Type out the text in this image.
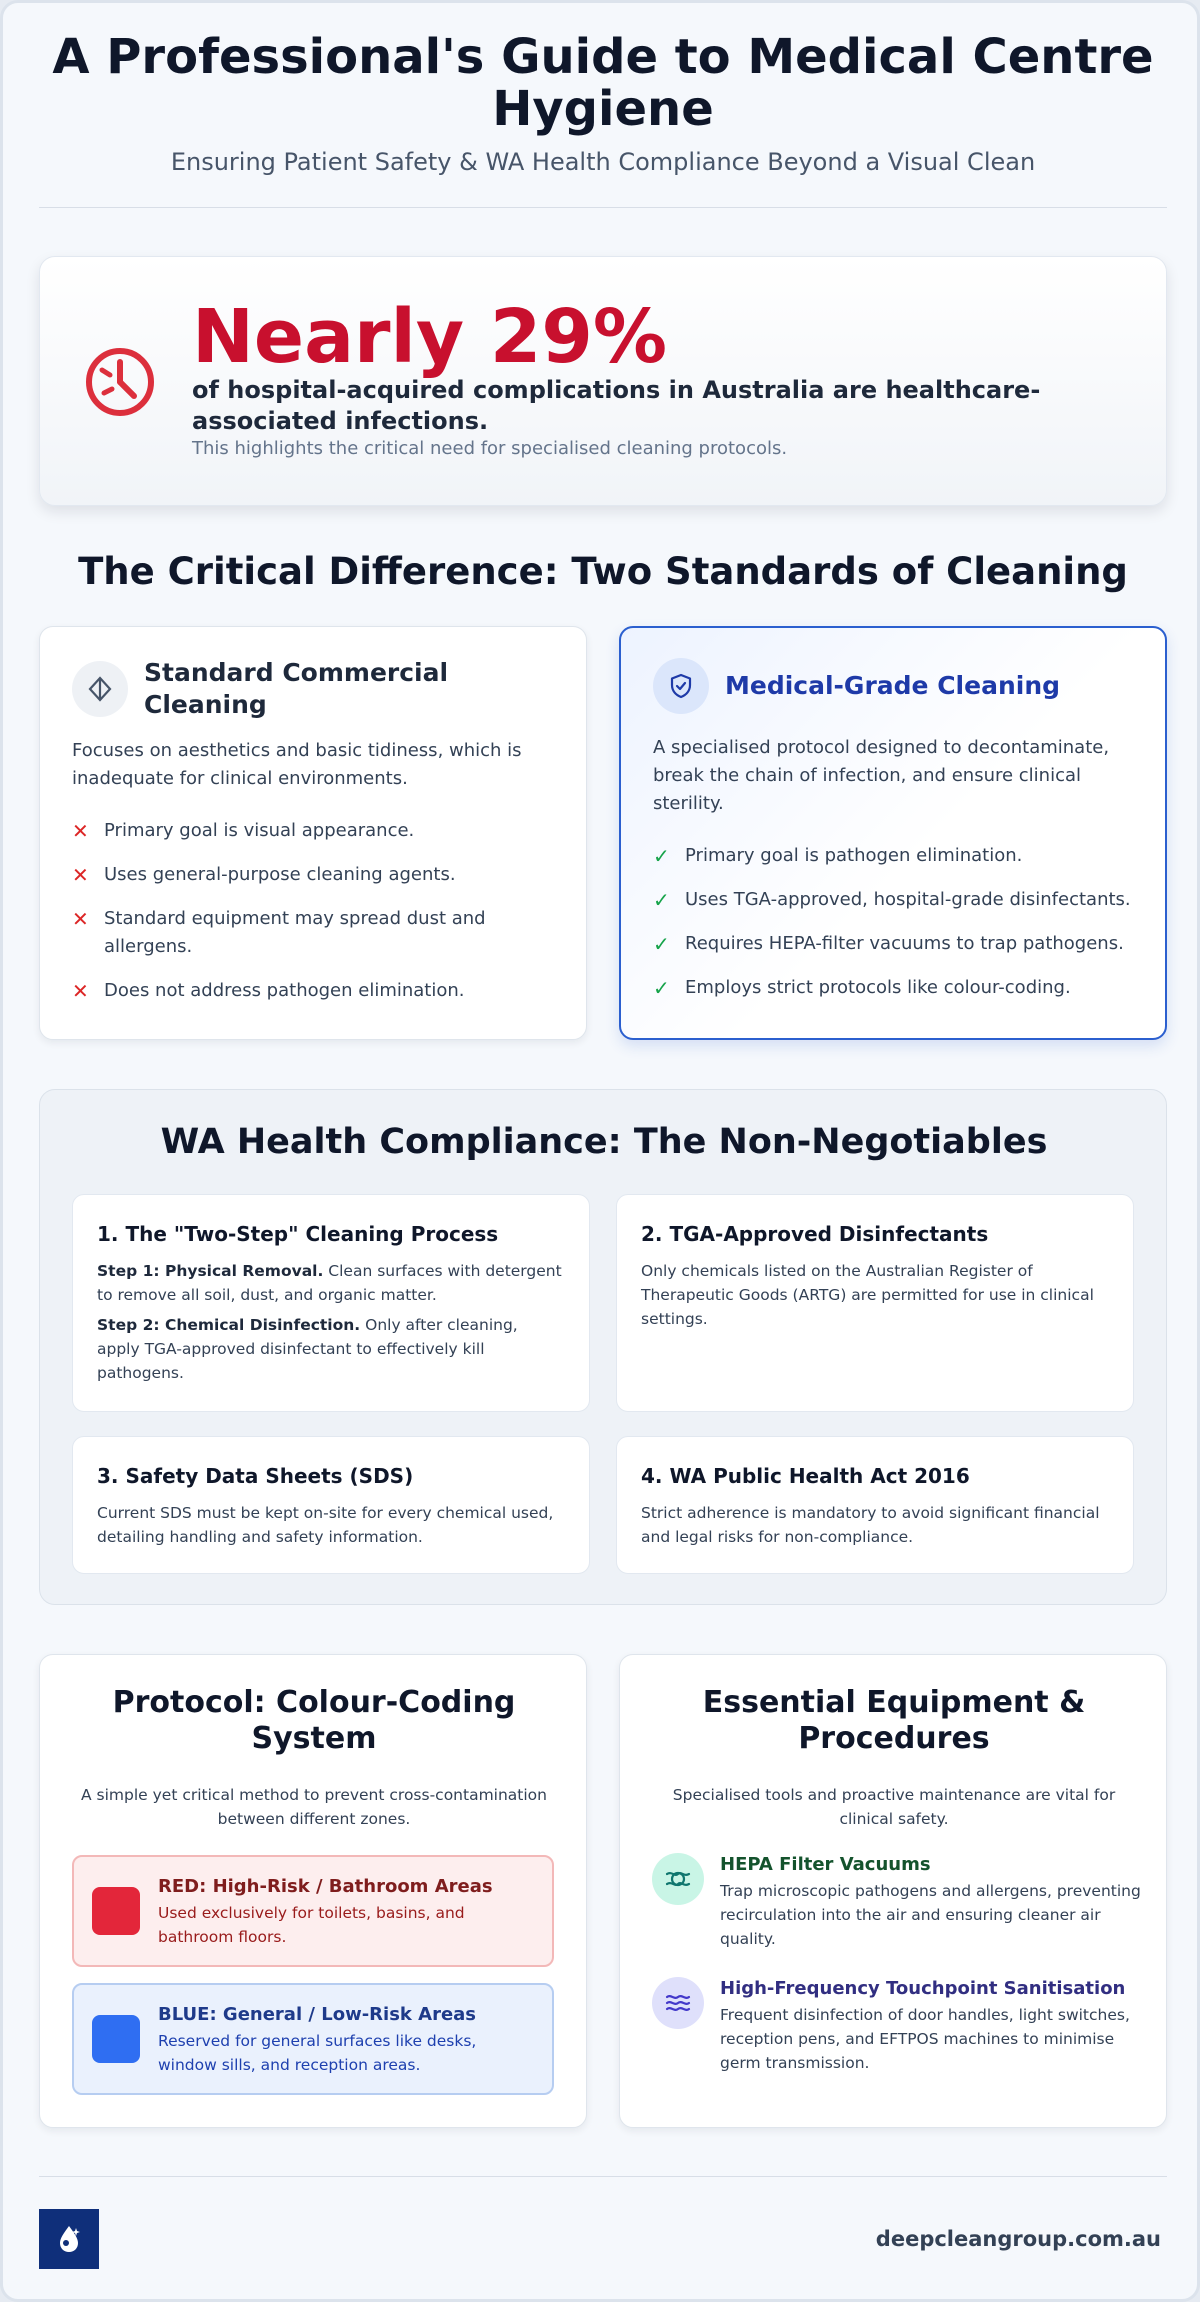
A Professional's Guide to Medical Centre Hygiene

Ensuring Patient Safety & WA Health Compliance Beyond a Visual Clean

Nearly 29%
of hospital-acquired complications in Australia are healthcare-associated infections.
This highlights the critical need for specialised cleaning protocols.
The Critical Difference: Two Standards of Cleaning
Standard Commercial Cleaning

Focuses on aesthetics and basic tidiness, which is inadequate for clinical environments.

✕ Primary goal is visual appearance.
✕ Uses general-purpose cleaning agents.
✕ Standard equipment may spread dust and allergens.
✕ Does not address pathogen elimination.
Medical-Grade Cleaning

A specialised protocol designed to decontaminate, break the chain of infection, and ensure clinical sterility.

✓ Primary goal is pathogen elimination.
✓ Uses TGA-approved, hospital-grade disinfectants.
✓ Requires HEPA-filter vacuums to trap pathogens.
✓ Employs strict protocols like colour-coding.
WA Health Compliance: The Non-Negotiables
1. The "Two-Step" Cleaning Process

Step 1: Physical Removal. Clean surfaces with detergent to remove all soil, dust, and organic matter.

Step 2: Chemical Disinfection. Only after cleaning, apply TGA-approved disinfectant to effectively kill pathogens.

2. TGA-Approved Disinfectants

Only chemicals listed on the Australian Register of Therapeutic Goods (ARTG) are permitted for use in clinical settings.

3. Safety Data Sheets (SDS)

Current SDS must be kept on-site for every chemical used, detailing handling and safety information.

4. WA Public Health Act 2016

Strict adherence is mandatory to avoid significant financial and legal risks for non-compliance.

Protocol: Colour-Coding System

A simple yet critical method to prevent cross-contamination between different zones.

RED: High-Risk / Bathroom Areas
Used exclusively for toilets, basins, and bathroom floors.
BLUE: General / Low-Risk Areas
Reserved for general surfaces like desks, window sills, and reception areas.
Essential Equipment & Procedures

Specialised tools and proactive maintenance are vital for clinical safety.

HEPA Filter Vacuums
Trap microscopic pathogens and allergens, preventing recirculation into the air and ensuring cleaner air quality.
High-Frequency Touchpoint Sanitisation
Frequent disinfection of door handles, light switches, reception pens, and EFTPOS machines to minimise germ transmission.
deepcleangroup.com.au
